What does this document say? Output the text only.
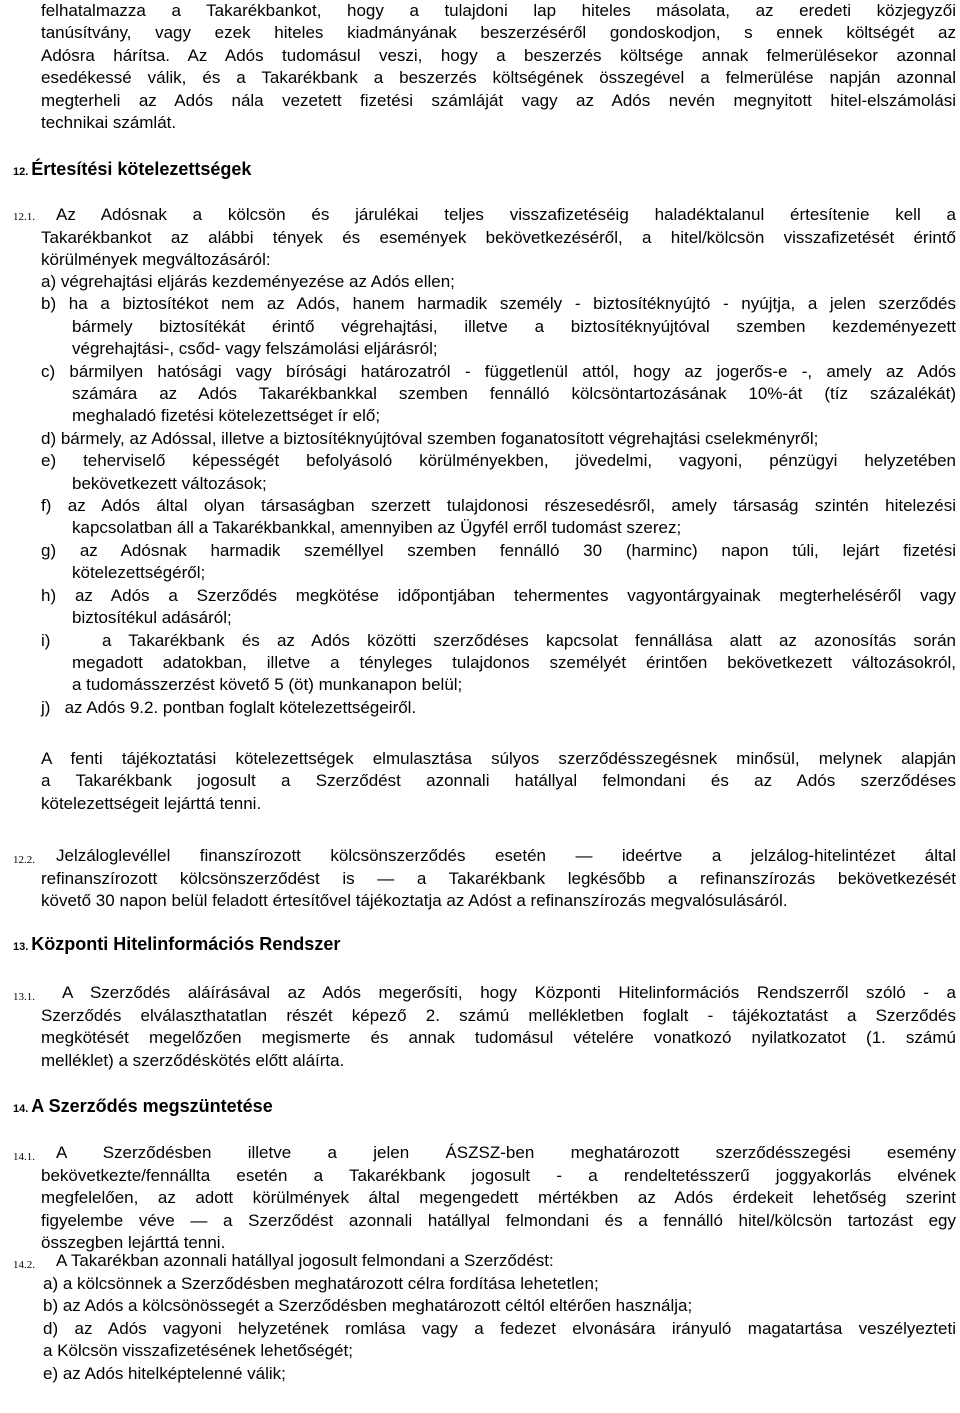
felhatalmazza a Takarékbankot, hogy a tulajdoni lap hiteles másolata, az eredeti közjegyzői

tanúsítvány, vagy ezek hiteles kiadmányának beszerzéséről gondoskodjon, s ennek költségét az

Adósra hárítsa. Az Adós tudomásul veszi, hogy a beszerzés költsége annak felmerülésekor azonnal

esedékessé válik, és a Takarékbank a beszerzés költségének összegével a felmerülése napján azonnal

megterheli az Adós nála vezetett fizetési számláját vagy az Adós nevén megnyitott hitel-elszámolási

technikai számlát.

12. Értesítési kötelezettségek
12.1. Az Adósnak a kölcsön és járulékai teljes visszafizetéséig haladéktalanul értesítenie kell a

Takarékbankot az alábbi tények és események bekövetkezéséről, a hitel/kölcsön visszafizetését érintő

körülmények megváltozásáról:

a) végrehajtási eljárás kezdeményezése az Adós ellen;

b) ha a biztosítékot nem az Adós, hanem harmadik személy - biztosítéknyújtó - nyújtja, a jelen szerződés

bármely biztosítékát érintő végrehajtási, illetve a biztosítéknyújtóval szemben kezdeményezett

végrehajtási-, csőd- vagy felszámolási eljárásról;

c) bármilyen hatósági vagy bírósági határozatról - függetlenül attól, hogy az jogerős-e -, amely az Adós

számára az Adós Takarékbankkal szemben fennálló kölcsöntartozásának 10%-át (tíz százalékát)

meghaladó fizetési kötelezettséget ír elő;

d) bármely, az Adóssal, illetve a biztosítéknyújtóval szemben foganatosított végrehajtási cselekményről;

e) teherviselő képességét befolyásoló körülményekben, jövedelmi, vagyoni, pénzügyi helyzetében

bekövetkezett változások;

f) az Adós által olyan társaságban szerzett tulajdonosi részesedésről, amely társaság szintén hitelezési

kapcsolatban áll a Takarékbankkal, amennyiben az Ügyfél erről tudomást szerez;

g) az Adósnak harmadik személlyel szemben fennálló 30 (harminc) napon túli, lejárt fizetési

kötelezettségéről;

h) az Adós a Szerződés megkötése időpontjában tehermentes vagyontárgyainak megterheléséről vagy

biztosítékul adásáról;

i)   a Takarékbank és az Adós közötti szerződéses kapcsolat fennállása alatt az azonosítás során

megadott adatokban, illetve a tényleges tulajdonos személyét érintően bekövetkezett változásokról,

a tudomásszerzést követő 5 (öt) munkanapon belül;

j)   az Adós 9.2. pontban foglalt kötelezettségeiről.

A fenti tájékoztatási kötelezettségek elmulasztása súlyos szerződésszegésnek minősül, melynek alapján

a Takarékbank jogosult a Szerződést azonnali hatállyal felmondani és az Adós szerződéses

kötelezettségeit lejárttá tenni.

12.2. Jelzáloglevéllel finanszírozott kölcsönszerződés esetén — ideértve a jelzálog-hitelintézet által

refinanszírozott kölcsönszerződést is — a Takarékbank legkésőbb a refinanszírozás bekövetkezését

követő 30 napon belül feladott értesítővel tájékoztatja az Adóst a refinanszírozás megvalósulásáról.

13. Központi Hitelinformációs Rendszer
13.1. A Szerződés aláírásával az Adós megerősíti, hogy Központi Hitelinformációs Rendszerről szóló - a

Szerződés elválaszthatatlan részét képező 2. számú mellékletben foglalt - tájékoztatást a Szerződés

megkötését megelőzően megismerte és annak tudomásul vételére vonatkozó nyilatkozatot (1. számú

melléklet) a szerződéskötés előtt aláírta.

14. A Szerződés megszüntetése
14.1. A Szerződésben illetve a jelen ÁSZSZ-ben meghatározott szerződésszegési esemény

bekövetkezte/fennállta esetén a Takarékbank jogosult - a rendeltetésszerű joggyakorlás elvének

megfelelően, az adott körülmények által megengedett mértékben az Adós érdekeit lehetőség szerint

figyelembe véve — a Szerződést azonnali hatállyal felmondani és a fennálló hitel/kölcsön tartozást egy

összegben lejárttá tenni.

14.2. A Takarékban azonnali hatállyal jogosult felmondani a Szerződést:

a) a kölcsönnek a Szerződésben meghatározott célra fordítása lehetetlen;

b) az Adós a kölcsönössegét a Szerződésben meghatározott céltól eltérően használja;

d) az Adós vagyoni helyzetének romlása vagy a fedezet elvonására irányuló magatartása veszélyezteti

a Kölcsön visszafizetésének lehetőségét;

e) az Adós hitelképtelenné válik;
